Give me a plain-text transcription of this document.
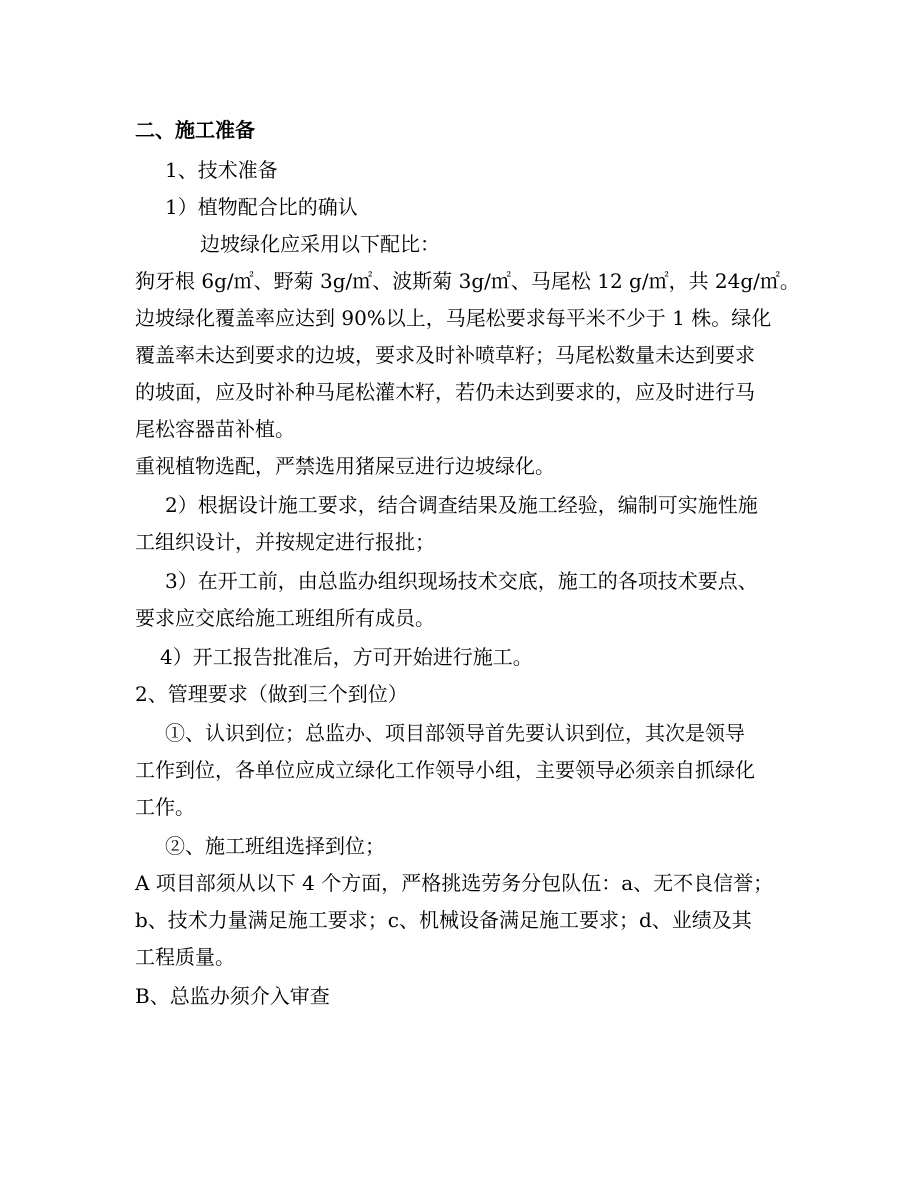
二、施工准备
1、技术准备
1）植物配合比的确认
边坡绿化应采用以下配比：
狗牙根 6g/㎡、野菊 3g/㎡、波斯菊 3g/㎡、马尾松 12 g/㎡，共 24g/㎡。
边坡绿化覆盖率应达到 90%以上，马尾松要求每平米不少于 1 株。绿化
覆盖率未达到要求的边坡，要求及时补喷草籽；马尾松数量未达到要求
的坡面，应及时补种马尾松灌木籽，若仍未达到要求的，应及时进行马
尾松容器苗补植。
重视植物选配，严禁选用猪屎豆进行边坡绿化。
2）根据设计施工要求，结合调查结果及施工经验，编制可实施性施
工组织设计，并按规定进行报批；
3）在开工前，由总监办组织现场技术交底，施工的各项技术要点、
要求应交底给施工班组所有成员。
4）开工报告批准后，方可开始进行施工。
2、管理要求（做到三个到位）
①、认识到位；总监办、项目部领导首先要认识到位，其次是领导
工作到位，各单位应成立绿化工作领导小组，主要领导必须亲自抓绿化
工作。
②、施工班组选择到位；
A 项目部须从以下 4 个方面，严格挑选劳务分包队伍：a、无不良信誉；
b、技术力量满足施工要求；c、机械设备满足施工要求；d、业绩及其
工程质量。
B、总监办须介入审查
